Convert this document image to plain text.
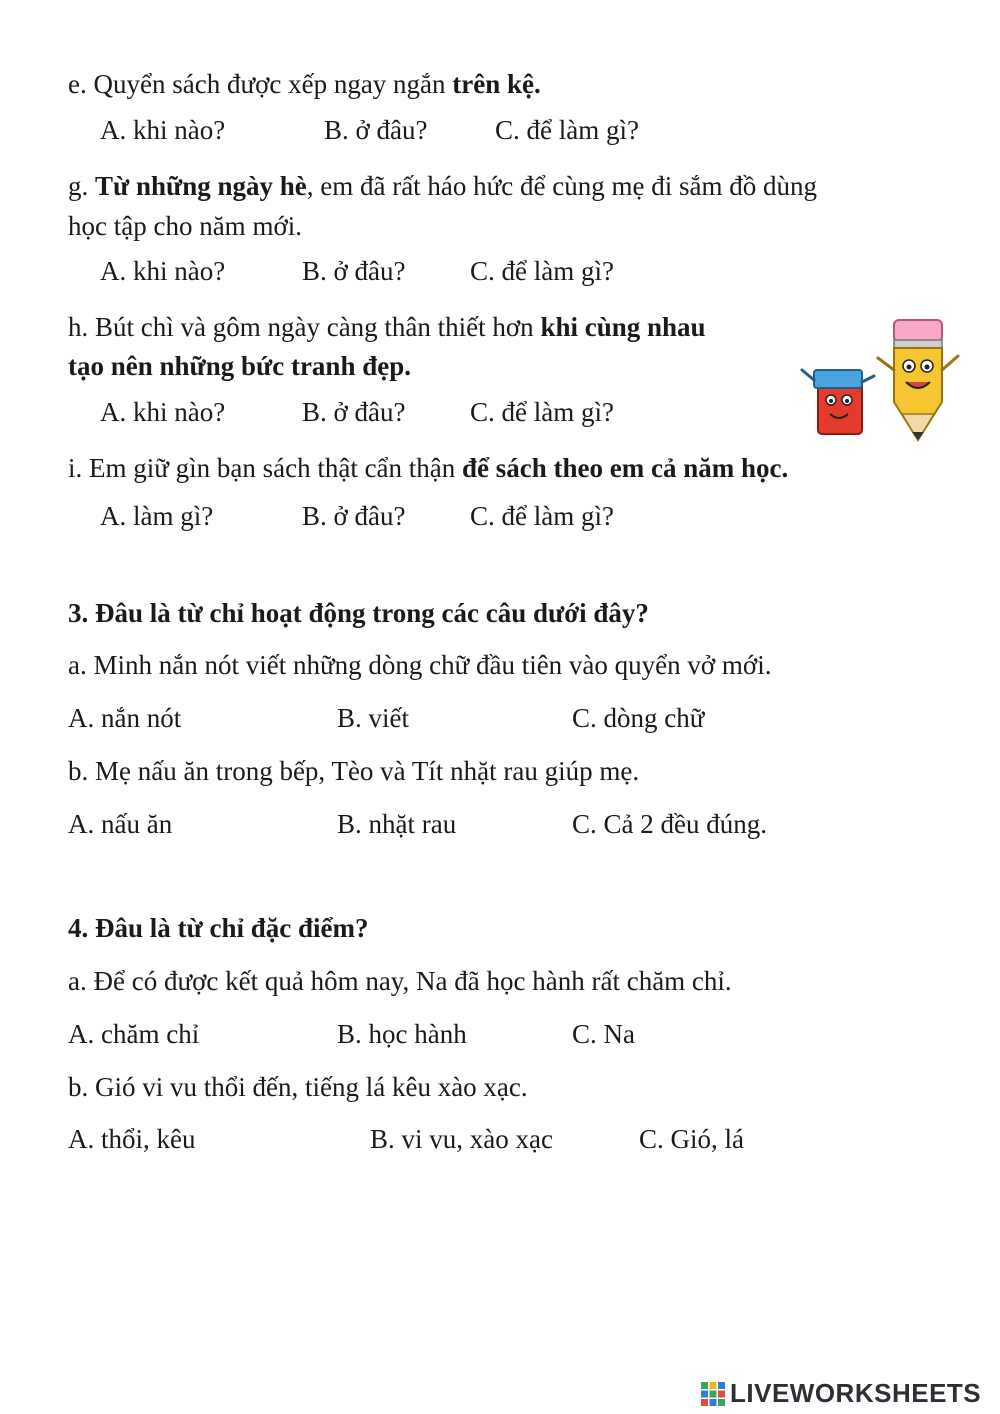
e. Quyển sách được xếp ngay ngắn trên kệ.
A. khi nào?	B. ở đâu? C. để làm gì?
g. Từ những ngày hè, em đã rất háo hức để cùng mẹ đi sắm đồ dùng
học tập cho năm mới.
A. khi nào?	B. ở đâu? C. để làm gì?
h. Bút chì và gôm ngày càng thân thiết hơn khi cùng nhau
tạo nên những bức tranh đẹp.
A. khi nào?	B. ở đâu? C. để làm gì?
i. Em giữ gìn bạn sách thật cẩn thận để sách theo em cả năm học.
A. làm gì?	B. ở đâu? C. để làm gì?
3. Đâu là từ chỉ hoạt động trong các câu dưới đây?
a. Minh nắn nót viết những dòng chữ đầu tiên vào quyển vở mới.
A. nắn nót	B. viết	C. dòng chữ
b. Mẹ nấu ăn trong bếp, Tèo và Tít nhặt rau giúp mẹ.
A. nấu ăn	B. nhặt rau	C. Cả 2 đều đúng.
4. Đâu là từ chỉ đặc điểm?
a. Để có được kết quả hôm nay, Na đã học hành rất chăm chỉ.
A. chăm chỉ	B. học hành	C. Na
b. Gió vi vu thổi đến, tiếng lá kêu xào xạc.
A. thổi, kêu	B. vi vu, xào xạc	C. Gió, lá
LIVEWORKSHEETS
